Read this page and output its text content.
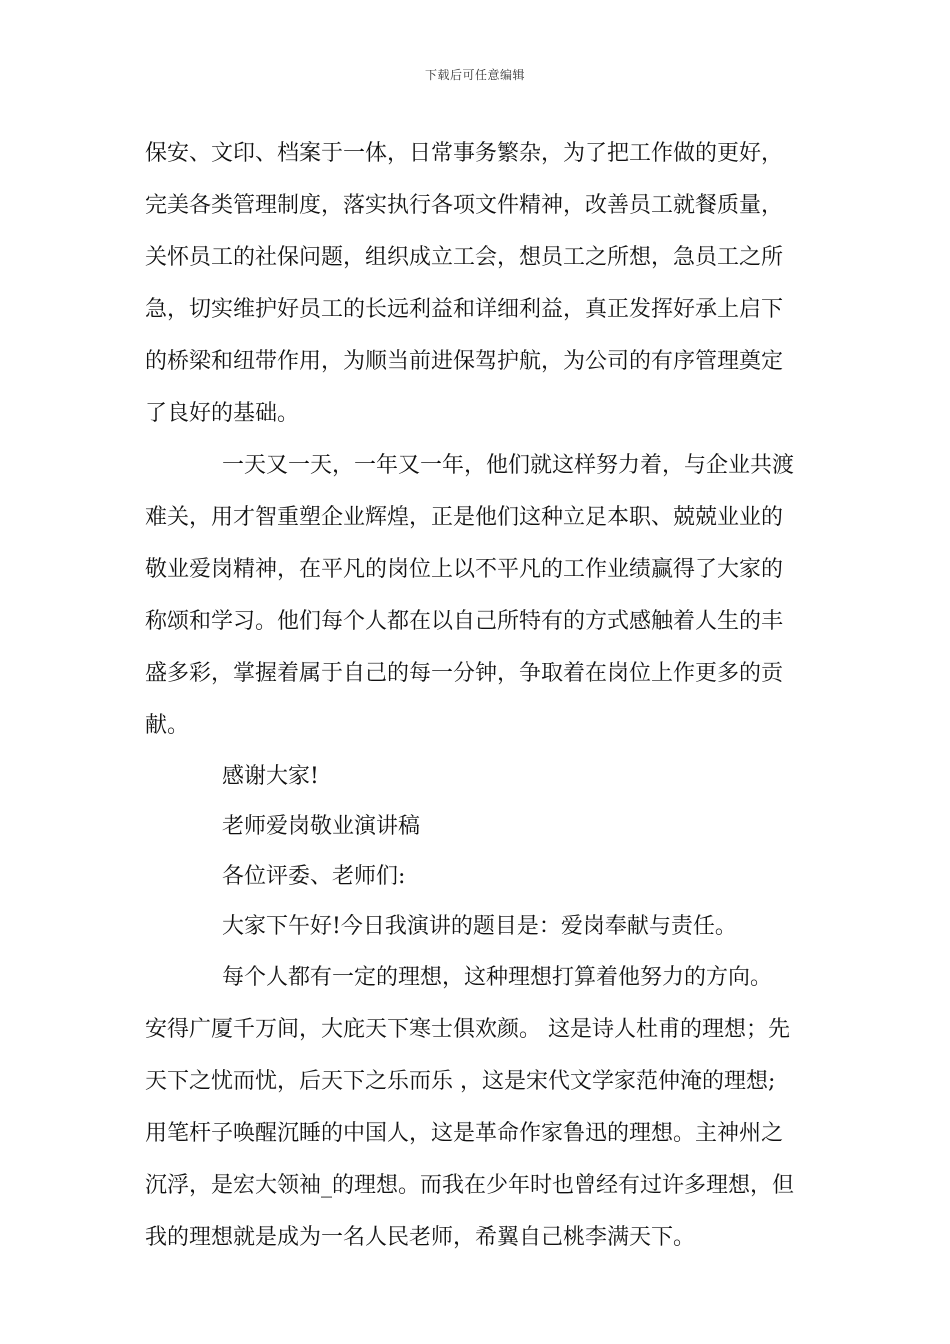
下载后可任意编辑
保安、文印、档案于一体，日常事务繁杂，为了把工作做的更好，
完美各类管理制度，落实执行各项文件精神，改善员工就餐质量，
关怀员工的社保问题，组织成立工会，想员工之所想，急员工之所
急，切实维护好员工的长远利益和详细利益，真正发挥好承上启下
的桥梁和纽带作用，为顺当前进保驾护航，为公司的有序管理奠定
了良好的基础。
一天又一天，一年又一年，他们就这样努力着，与企业共渡
难关，用才智重塑企业辉煌，正是他们这种立足本职、兢兢业业的
敬业爱岗精神，在平凡的岗位上以不平凡的工作业绩赢得了大家的
称颂和学习。他们每个人都在以自己所特有的方式感触着人生的丰
盛多彩，掌握着属于自己的每一分钟，争取着在岗位上作更多的贡
献。
感谢大家!
老师爱岗敬业演讲稿
各位评委、老师们:
大家下午好!今日我演讲的题目是：爱岗奉献与责任。
每个人都有一定的理想，这种理想打算着他努力的方向。
安得广厦千万间，大庇天下寒士俱欢颜。 这是诗人杜甫的理想；先
天下之忧而忧，后天下之乐而乐 ，这是宋代文学家范仲淹的理想;
用笔杆子唤醒沉睡的中国人，这是革命作家鲁迅的理想。主神州之
沉浮，是宏大领袖_的理想。而我在少年时也曾经有过许多理想，但
我的理想就是成为一名人民老师，希翼自己桃李满天下。
